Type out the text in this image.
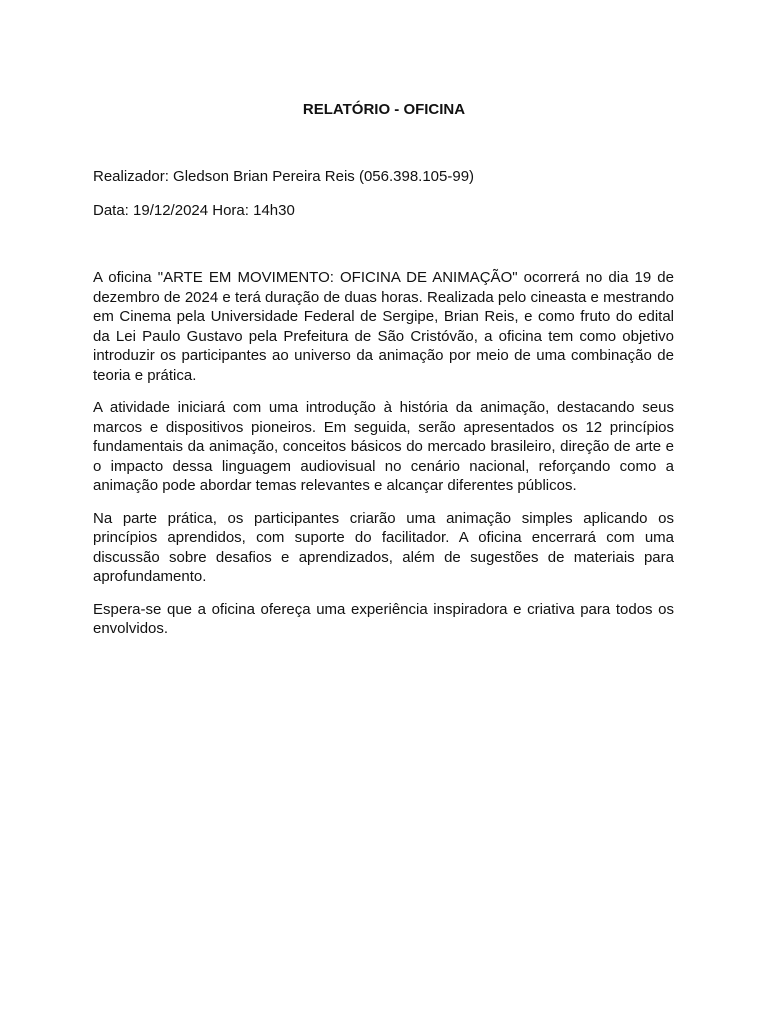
RELATÓRIO - OFICINA

Realizador: Gledson Brian Pereira Reis (056.398.105-99)

Data: 19/12/2024 Hora: 14h30

A oficina "ARTE EM MOVIMENTO: OFICINA DE ANIMAÇÃO" ocorrerá no dia 19 de dezembro de 2024 e terá duração de duas horas. Realizada pelo cineasta e mestrando em Cinema pela Universidade Federal de Sergipe, Brian Reis, e como fruto do edital da Lei Paulo Gustavo pela Prefeitura de São Cristóvão, a oficina tem como objetivo introduzir os participantes ao universo da animação por meio de uma combinação de teoria e prática.

A atividade iniciará com uma introdução à história da animação, destacando seus marcos e dispositivos pioneiros. Em seguida, serão apresentados os 12 princípios fundamentais da animação, conceitos básicos do mercado brasileiro, direção de arte e o impacto dessa linguagem audiovisual no cenário nacional, reforçando como a animação pode abordar temas relevantes e alcançar diferentes públicos.

Na parte prática, os participantes criarão uma animação simples aplicando os princípios aprendidos, com suporte do facilitador. A oficina encerrará com uma discussão sobre desafios e aprendizados, além de sugestões de materiais para aprofundamento.

Espera-se que a oficina ofereça uma experiência inspiradora e criativa para todos os envolvidos.
